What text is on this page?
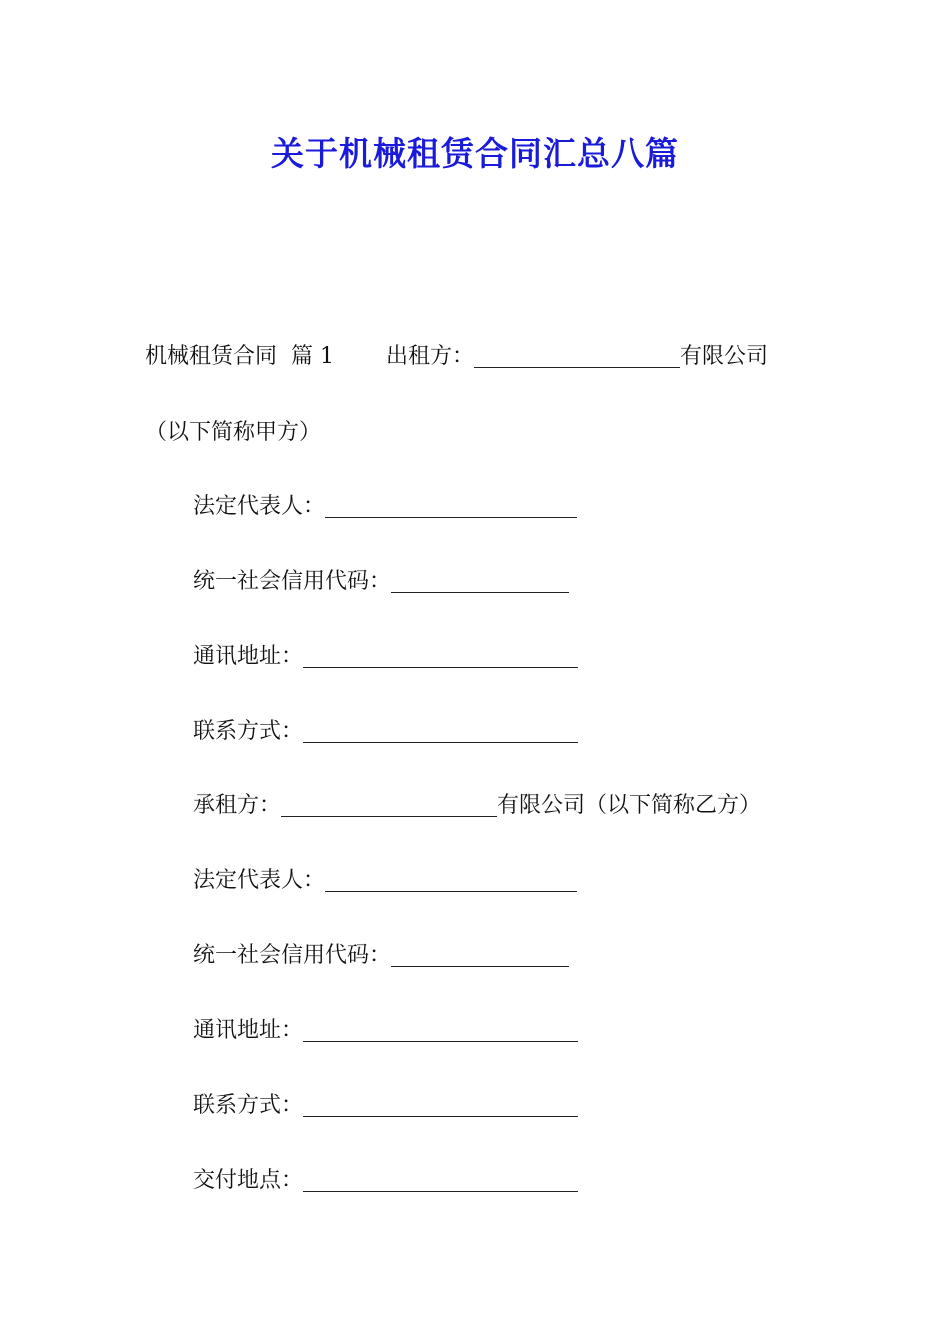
关于机械租赁合同汇总八篇
机械租赁合同 篇 1 出租方：	有限公司
（以下简称甲方）
法定代表人：
统一社会信用代码：
通讯地址：
联系方式：
承租方：	有限公司（以下简称乙方）
法定代表人：
统一社会信用代码：
通讯地址：
联系方式：
交付地点：
